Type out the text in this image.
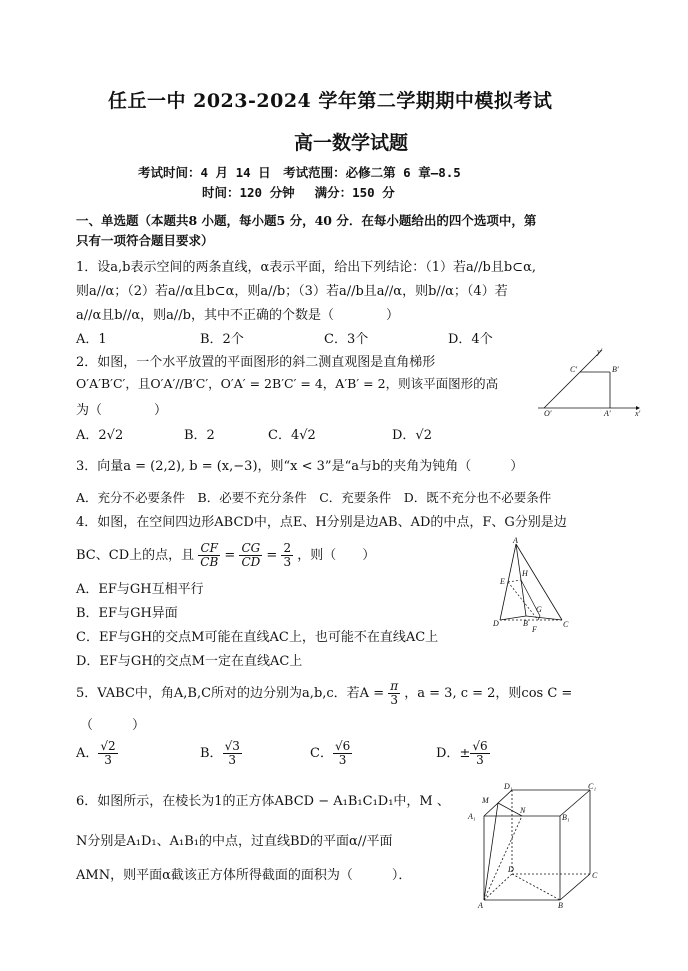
任丘一中 2023-2024 学年第二学期期中模拟考试
高一数学试题
考试时间：4 月 14 日　考试范围：必修二第 6 章—8.5
时间：120 分钟　 满分：150 分
一、单选题（本题共8 小题，每小题5 分，40 分．在每小题给出的四个选项中，第
只有一项符合题目要求）
1．设a,b表示空间的两条直线，α表示平面，给出下列结论：（1）若a//b且b⊂α,
则a//α；（2）若a//α且b⊂α，则a//b；（3）若a//b且a//α，则b//α；（4）若
a//α且b//α，则a//b，其中不正确的个数是（　　　　）
A．1	B．2个	C．3个	D．4个
2．如图，一个水平放置的平面图形的斜二测直观图是直角梯形
O′A′B′C′，且O′A′//B′C′，O′A′ = 2B′C′ = 4，A′B′ = 2，则该平面图形的高
为（　　　　）
A．2√2	B．2	C．4√2	D．√2
y′
C′	B′
O′	A′	x′
3．向量a = (2,2), b = (x,−3)，则“x < 3”是“a与b的夹角为钝角（　　　）
A．充分不必要条件　B．必要不充分条件　C．充要条件　D．既不充分也不必要条件
4．如图，在空间四边形ABCD中，点E、H分别是边AB、AD的中点，F、G分别是边
BC、CD上的点，且 $\frac{CF}{CB} = \frac{CG}{CD} = \frac{2}{3}$ ，则（　　）
A．EF与GH互相平行
B．EF与GH异面
C．EF与GH的交点M可能在直线AC上，也可能不在直线AC上
D．EF与GH的交点M一定在直线AC上
A
H
E
G
D
F
C
B
5．VABC中，角A,B,C所对的边分别为a,b,c．若$A = \frac{\pi}{3}$ ，a = 3, c = 2，则cos C =
（　　　）
A． $\frac{√2}{3}$	B． $\frac{√3}{3}$	C． $\frac{√6}{3}$	D．± $\frac{√6}{3}$
6．如图所示，在棱长为1的正方体ABCD − A₁B₁C₁D₁中，M 、
N分别是A₁D₁、A₁B₁的中点，过直线BD的平面α//平面
AMN，则平面α截该正方体所得截面的面积为（　　　）．
D₁	C₁
M
A₁
N
B₁
D
C
A	B
